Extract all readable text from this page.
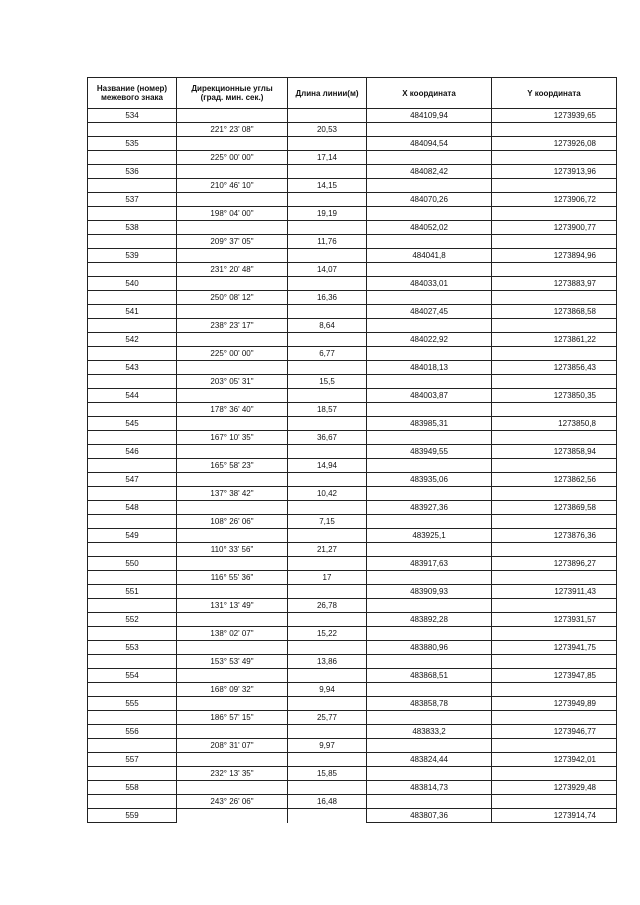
Название (номер) межевого знака	Дирекционные углы (град. мин. сек.)	Длина линии(м)	X координата	Y координата
534			484109,94	1273939,65
	221° 23' 08"	20,53		
535			484094,54	1273926,08
	225° 00' 00"	17,14		
536			484082,42	1273913,96
	210° 46' 10"	14,15		
537			484070,26	1273906,72
	198° 04' 00"	19,19		
538			484052,02	1273900,77
	209° 37' 05"	11,76		
539			484041,8	1273894,96
	231° 20' 48"	14,07		
540			484033,01	1273883,97
	250° 08' 12"	16,36		
541			484027,45	1273868,58
	238° 23' 17"	8,64		
542			484022,92	1273861,22
	225° 00' 00"	6,77		
543			484018,13	1273856,43
	203° 05' 31"	15,5		
544			484003,87	1273850,35
	178° 36' 40"	18,57		
545			483985,31	1273850,8
	167° 10' 35"	36,67		
546			483949,55	1273858,94
	165° 58' 23"	14,94		
547			483935,06	1273862,56
	137° 38' 42"	10,42		
548			483927,36	1273869,58
	108° 26' 06"	7,15		
549			483925,1	1273876,36
	110° 33' 56"	21,27		
550			483917,63	1273896,27
	116° 55' 36"	17		
551			483909,93	1273911,43
	131° 13' 49"	26,78		
552			483892,28	1273931,57
	138° 02' 07"	15,22		
553			483880,96	1273941,75
	153° 53' 49"	13,86		
554			483868,51	1273947,85
	168° 09' 32"	9,94		
555			483858,78	1273949,89
	186° 57' 15"	25,77		
556			483833,2	1273946,77
	208° 31' 07"	9,97		
557			483824,44	1273942,01
	232° 13' 35"	15,85		
558			483814,73	1273929,48
	243° 26' 06"	16,48		
559			483807,36	1273914,74
